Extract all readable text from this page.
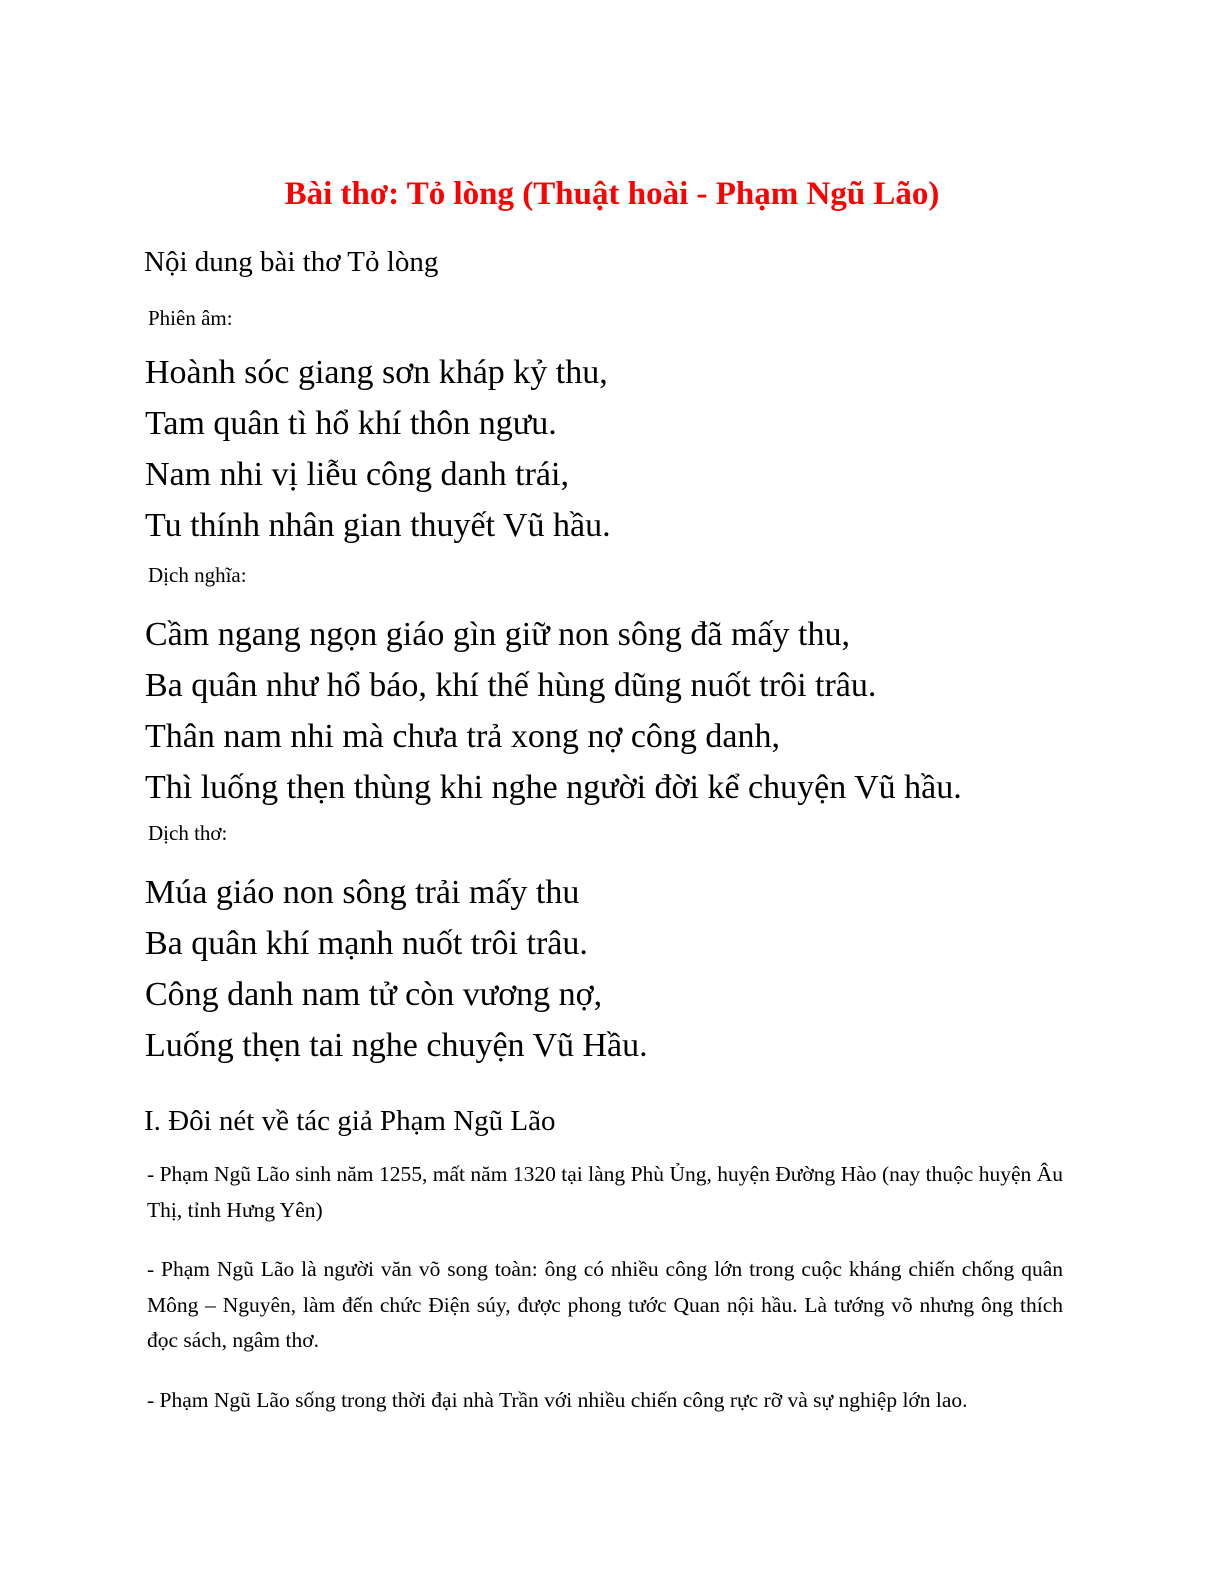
Bài thơ: Tỏ lòng (Thuật hoài - Phạm Ngũ Lão)
Nội dung bài thơ Tỏ lòng
Phiên âm:
Hoành sóc giang sơn kháp kỷ thu,
Tam quân tì hổ khí thôn ngưu.
Nam nhi vị liễu công danh trái,
Tu thính nhân gian thuyết Vũ hầu.
Dịch nghĩa:
Cầm ngang ngọn giáo gìn giữ non sông đã mấy thu,
Ba quân như hổ báo, khí thế hùng dũng nuốt trôi trâu.
Thân nam nhi mà chưa trả xong nợ công danh,
Thì luống thẹn thùng khi nghe người đời kể chuyện Vũ hầu.
Dịch thơ:
Múa giáo non sông trải mấy thu
Ba quân khí mạnh nuốt trôi trâu.
Công danh nam tử còn vương nợ,
Luống thẹn tai nghe chuyện Vũ Hầu.
I. Đôi nét về tác giả Phạm Ngũ Lão

- Phạm Ngũ Lão sinh năm 1255, mất năm 1320 tại làng Phù Ủng, huyện Đường Hào (nay thuộc huyện Âu Thị, tỉnh Hưng Yên)

- Phạm Ngũ Lão là người văn võ song toàn: ông có nhiều công lớn trong cuộc kháng chiến chống quân Mông – Nguyên, làm đến chức Điện súy, được phong tước Quan nội hầu. Là tướng võ nhưng ông thích đọc sách, ngâm thơ.

- Phạm Ngũ Lão sống trong thời đại nhà Trần với nhiều chiến công rực rỡ và sự nghiệp lớn lao.
